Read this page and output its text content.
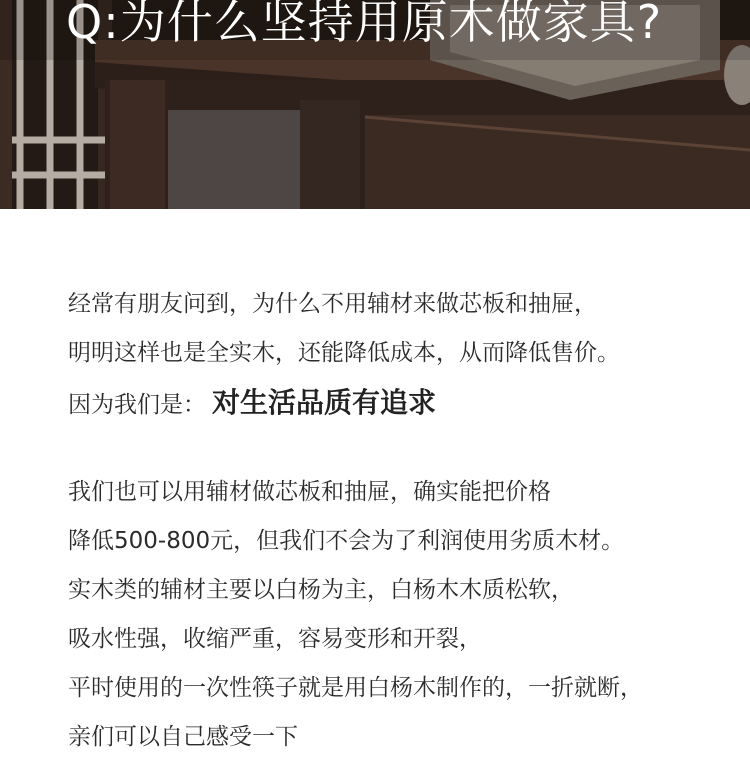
Q:为什么坚持用原木做家具?

经常有朋友问到，为什么不用辅材来做芯板和抽屉，

明明这样也是全实木，还能降低成本，从而降低售价。

因为我们是： 对生活品质有追求

我们也可以用辅材做芯板和抽屉，确实能把价格

降低500-800元，但我们不会为了利润使用劣质木材。

实木类的辅材主要以白杨为主，白杨木木质松软，

吸水性强，收缩严重，容易变形和开裂，

平时使用的一次性筷子就是用白杨木制作的，一折就断，

亲们可以自己感受一下
